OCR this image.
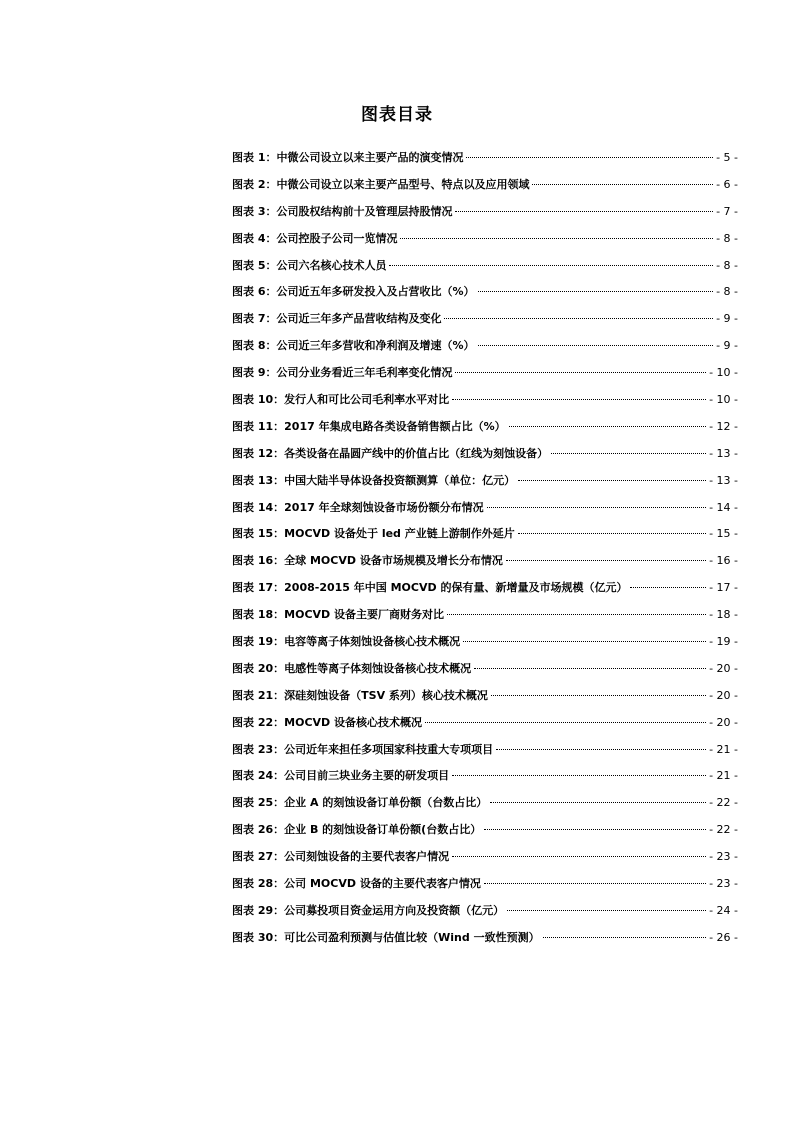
图表目录
图表 1 ： 中微公司设立以来主要产品的演变情况	- 5 -
图表 2 ： 中微公司设立以来主要产品型号、特点以及应用领域	- 6 -
图表 3 ： 公司股权结构前十及管理层持股情况	- 7 -
图表 4 ： 公司控股子公司一览情况	- 8 -
图表 5 ： 公司六名核心技术人员	- 8 -
图表 6 ： 公司近五年多研发投入及占营收比（%）	- 8 -
图表 7 ： 公司近三年多产品营收结构及变化	- 9 -
图表 8 ： 公司近三年多营收和净利润及增速（%）	- 9 -
图表 9 ： 公司分业务看近三年毛利率变化情况	- 10 -
图表 10 ： 发行人和可比公司毛利率水平对比	- 10 -
图表 11 ： 2017 年集成电路各类设备销售额占比（%）	- 12 -
图表 12 ： 各类设备在晶圆产线中的价值占比（红线为刻蚀设备）	- 13 -
图表 13 ： 中国大陆半导体设备投资额测算（单位：亿元）	- 13 -
图表 14 ： 2017 年全球刻蚀设备市场份额分布情况	- 14 -
图表 15 ： MOCVD 设备处于 led 产业链上游制作外延片	- 15 -
图表 16 ： 全球 MOCVD 设备市场规模及增长分布情况	- 16 -
图表 17 ： 2008-2015 年中国 MOCVD 的保有量、新增量及市场规模（亿元）	- 17 -
图表 18 ： MOCVD 设备主要厂商财务对比	- 18 -
图表 19 ： 电容等离子体刻蚀设备核心技术概况	- 19 -
图表 20 ： 电感性等离子体刻蚀设备核心技术概况	- 20 -
图表 21 ： 深硅刻蚀设备（TSV 系列）核心技术概况	- 20 -
图表 22 ： MOCVD 设备核心技术概况	- 20 -
图表 23 ： 公司近年来担任多项国家科技重大专项项目	- 21 -
图表 24 ： 公司目前三块业务主要的研发项目	- 21 -
图表 25 ： 企业 A 的刻蚀设备订单份额（台数占比）	- 22 -
图表 26 ： 企业 B 的刻蚀设备订单份额(台数占比）	- 22 -
图表 27 ： 公司刻蚀设备的主要代表客户情况	- 23 -
图表 28 ： 公司 MOCVD 设备的主要代表客户情况	- 23 -
图表 29 ： 公司募投项目资金运用方向及投资额（亿元）	- 24 -
图表 30 ： 可比公司盈利预测与估值比较（Wind 一致性预测）	- 26 -
